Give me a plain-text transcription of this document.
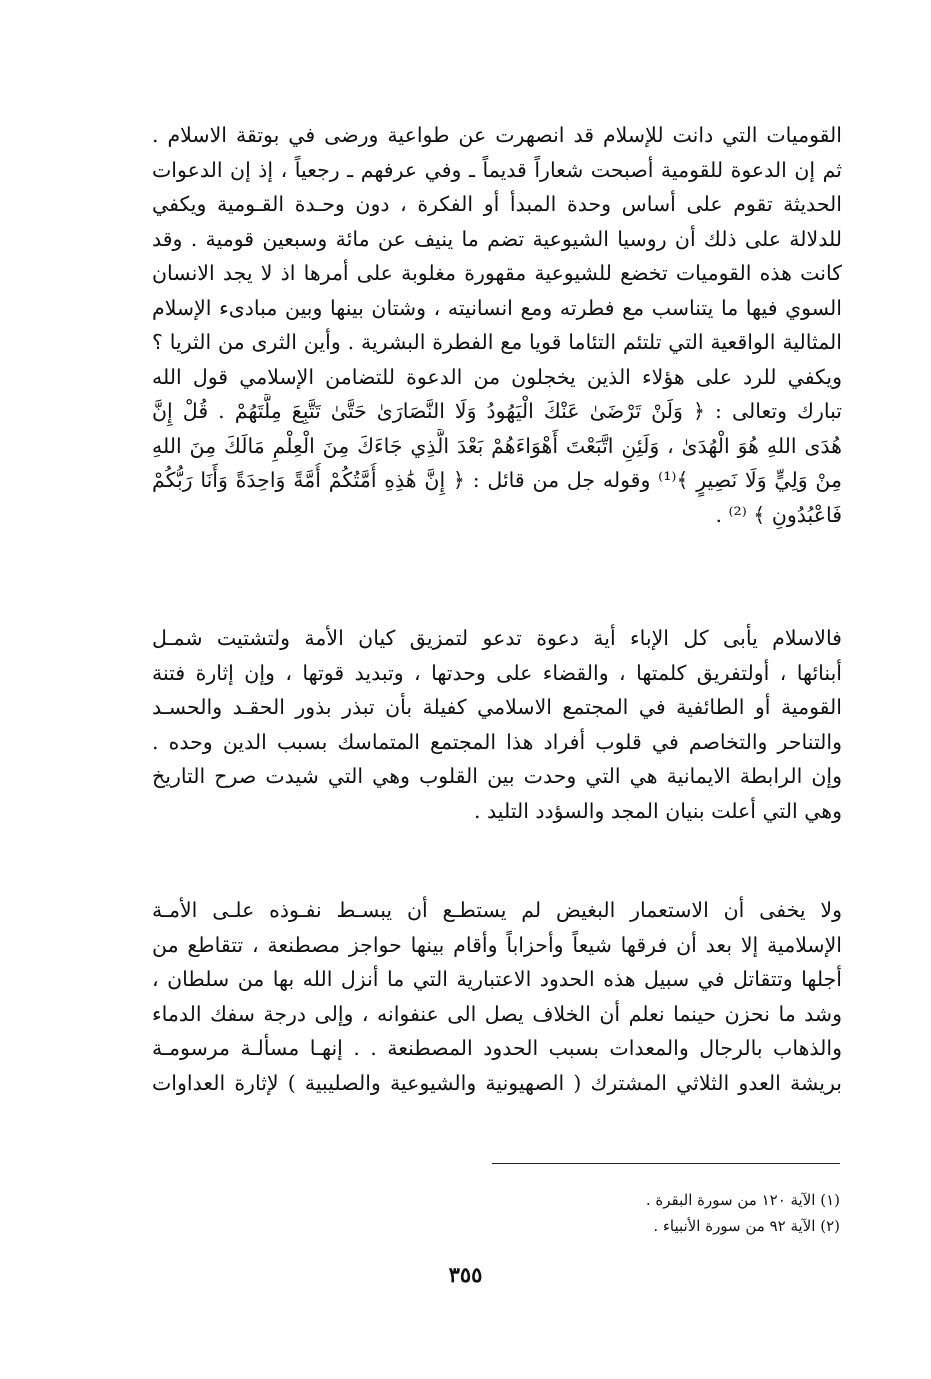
القوميات التي دانت للإسلام قد انصهرت عن طواعية ورضى في بوتقة الاسلام .
ثم إن الدعوة للقومية أصبحت شعاراً قديماً ـ وفي عرفهم ـ رجعياً ، إذ إن الدعوات
الحديثة تقوم على أساس وحدة المبدأ أو الفكرة ، دون وحـدة القـومية ويكفي
للدلالة على ذلك أن روسيا الشيوعية تضم ما ينيف عن مائة وسبعين قومية . وقد
كانت هذه القوميات تخضع للشيوعية مقهورة مغلوبة على أمرها اذ لا يجد الانسان
السوي فيها ما يتناسب مع فطرته ومع انسانيته ، وشتان بينها وبين مبادىء الإسلام
المثالية الواقعية التي تلتئم التئاما قويا مع الفطرة البشرية . وأين الثرى من الثريا ؟
ويكفي للرد على هؤلاء الذين يخجلون من الدعوة للتضامن الإسلامي قول الله
تبارك وتعالى : ﴿ وَلَنْ تَرْضَىٰ عَنْكَ الْيَهُودُ وَلَا النَّصَارَىٰ حَتَّىٰ تَتَّبِعَ مِلَّتَهُمْ . قُلْ إِنَّ
هُدَى اللهِ هُوَ الْهُدَىٰ ، وَلَئِنِ اتَّبَعْتَ أَهْوَاءَهُمْ بَعْدَ الَّذِي جَاءَكَ مِنَ الْعِلْمِ مَالَكَ مِنَ اللهِ
مِنْ وَلِيٍّ وَلَا نَصِيرٍ ﴾⁽¹⁾ وقوله جل من قائل : ﴿ إِنَّ هَٰذِهِ أُمَّتُكُمْ أُمَّةً وَاحِدَةً وَأَنَا رَبُّكُمْ
فَاعْبُدُونِ ﴾ ⁽²⁾ .
فالاسلام يأبى كل الإباء أية دعوة تدعو لتمزيق كيان الأمة ولتشتيت شمـل
أبنائها ، أولتفريق كلمتها ، والقضاء على وحدتها ، وتبديد قوتها ، وإن إثارة فتنة
القومية أو الطائفية في المجتمع الاسلامي كفيلة بأن تبذر بذور الحقـد والحسـد
والتناحر والتخاصم في قلوب أفراد هذا المجتمع المتماسك بسبب الدين وحده .
وإن الرابطة الايمانية هي التي وحدت بين القلوب وهي التي شيدت صرح التاريخ
وهي التي أعلت بنيان المجد والسؤدد التليد .
ولا يخفى أن الاستعمار البغيض لم يستطـع أن يبسـط نفـوذه علـى الأمـة
الإسلامية إلا بعد أن فرقها شيعاً وأحزاباً وأقام بينها حواجز مصطنعة ، تتقاطع من
أجلها وتتقاتل في سبيل هذه الحدود الاعتبارية التي ما أنزل الله بها من سلطان ،
وشد ما نحزن حينما نعلم أن الخلاف يصل الى عنفوانه ، وإلى درجة سفك الدماء
والذهاب بالرجال والمعدات بسبب الحدود المصطنعة . . إنهـا مسألـة مرسومـة
بريشة العدو الثلاثي المشترك ( الصهيونية والشيوعية والصليبية ) لإثارة العداوات
(١) الآية ١٢٠ من سورة البقرة .
(٢) الآية ٩٢ من سورة الأنبياء .
٣٥٥
